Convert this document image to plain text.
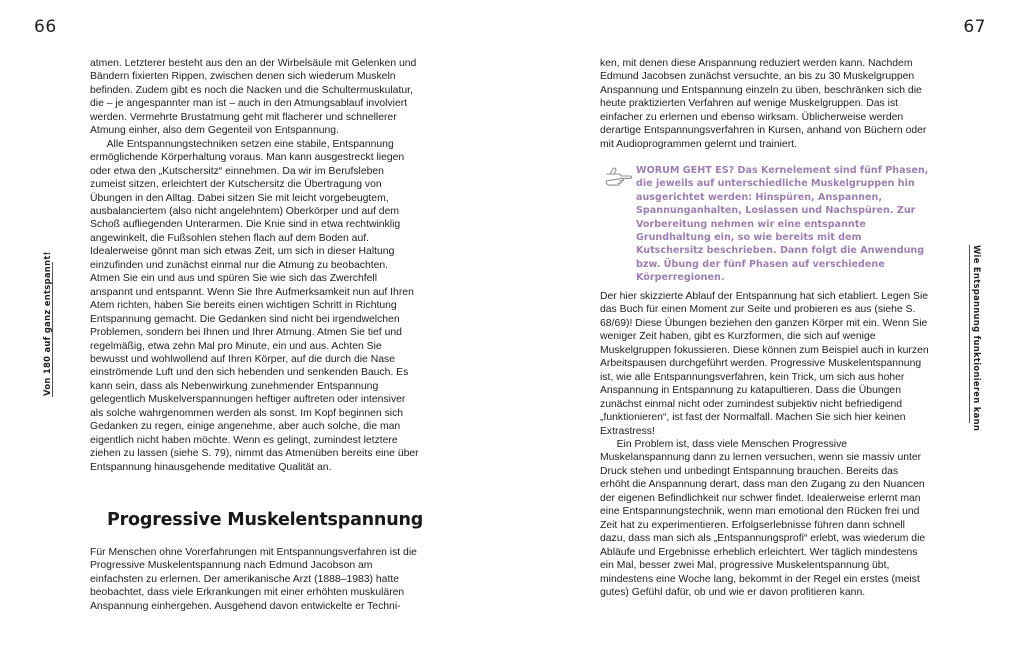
66	67
Von 180 auf ganz entspannt!	Wie Entspannung funktionieren kann

atmen. Letzterer besteht aus den an der Wirbelsäule mit Gelenken und Bändern fixierten Rippen, zwischen denen sich wiederum Muskeln befinden. Zudem gibt es noch die Nacken und die Schultermuskulatur, die – je angespannter man ist – auch in den Atmungsablauf involviert werden. Vermehrte Brustatmung geht mit flacherer und schnellerer Atmung einher, also dem Gegenteil von Entspannung.

Alle Entspannungstechniken setzen eine stabile, Entspannung ermöglichende Körperhaltung voraus. Man kann ausgestreckt liegen oder etwa den „Kutschersitz“ einnehmen. Da wir im Berufsleben zumeist sitzen, erleichtert der Kutschersitz die Übertragung von Übungen in den Alltag. Dabei sitzen Sie mit leicht vorgebeugtem, ausbalanciertem (also nicht angelehntem) Oberkörper und auf dem Schoß aufliegenden Unterarmen. Die Knie sind in etwa rechtwinklig angewinkelt, die Fußsohlen stehen flach auf dem Boden auf. Idealerweise gönnt man sich etwas Zeit, um sich in dieser Haltung einzufinden und zunächst einmal nur die Atmung zu beobachten. Atmen Sie ein und aus und spüren Sie wie sich das Zwerchfell anspannt und entspannt. Wenn Sie Ihre Aufmerksamkeit nun auf Ihren Atem richten, haben Sie bereits einen wichtigen Schritt in Richtung Entspannung gemacht. Die Gedanken sind nicht bei irgendwelchen Problemen, sondern bei Ihnen und Ihrer Atmung. Atmen Sie tief und regelmäßig, etwa zehn Mal pro Minute, ein und aus. Achten Sie bewusst und wohlwollend auf Ihren Körper, auf die durch die Nase einströmende Luft und den sich hebenden und senkenden Bauch. Es kann sein, dass als Nebenwirkung zunehmender Entspannung gelegentlich Muskelverspannungen heftiger auftreten oder intensiver als solche wahrgenommen werden als sonst. Im Kopf beginnen sich Gedanken zu regen, einige angenehme, aber auch solche, die man eigentlich nicht haben möchte. Wenn es gelingt, zumindest letztere ziehen zu lassen (siehe S. 79), nimmt das Atmenüben bereits eine über Entspannung hinausgehende meditative Qualität an.

Progressive Muskelentspannung

Für Menschen ohne Vorerfahrungen mit Entspannungsverfahren ist die Progressive Muskelentspannung nach Edmund Jacobson am einfachsten zu erlernen. Der amerikanische Arzt (1888–1983) hatte beobachtet, dass viele Erkrankungen mit einer erhöhten muskulären Anspannung einhergehen. Ausgehend davon entwickelte er Techni-

ken, mit denen diese Anspannung reduziert werden kann. Nachdem Edmund Jacobsen zunächst versuchte, an bis zu 30 Muskelgruppen Anspannung und Entspannung einzeln zu üben, beschränken sich die heute praktizierten Verfahren auf wenige Muskelgruppen. Das ist einfacher zu erlernen und ebenso wirksam. Üblicherweise werden derartige Entspannungsverfahren in Kursen, anhand von Büchern oder mit Audioprogrammen gelernt und trainiert.

WORUM GEHT ES? Das Kernelement sind fünf Phasen, die jeweils auf unterschiedliche Muskelgruppen hin ausgerichtet werden: Hinspüren, Anspannen, Spannunganhalten, Loslassen und Nachspüren. Zur Vorbereitung nehmen wir eine entspannte Grundhaltung ein, so wie bereits mit dem Kutschersitz beschrieben. Dann folgt die Anwendung bzw. Übung der fünf Phasen auf verschiedene Körperregionen.

Der hier skizzierte Ablauf der Entspannung hat sich etabliert. Legen Sie das Buch für einen Moment zur Seite und probieren es aus (siehe S. 68/69)! Diese Übungen beziehen den ganzen Körper mit ein. Wenn Sie weniger Zeit haben, gibt es Kurzformen, die sich auf wenige Muskelgruppen fokussieren. Diese können zum Beispiel auch in kurzen Arbeitspausen durchgeführt werden. Progressive Muskelentspannung ist, wie alle Entspannungsverfahren, kein Trick, um sich aus hoher Anspannung in Entspannung zu katapultieren. Dass die Übungen zunächst einmal nicht oder zumindest subjektiv nicht befriedigend „funktionieren“, ist fast der Normalfall. Machen Sie sich hier keinen Extrastress!

Ein Problem ist, dass viele Menschen Progressive Muskelanspannung dann zu lernen versuchen, wenn sie massiv unter Druck stehen und unbedingt Entspannung brauchen. Bereits das erhöht die Anspannung derart, dass man den Zugang zu den Nuancen der eigenen Befindlichkeit nur schwer findet. Idealerweise erlernt man eine Entspannungstechnik, wenn man emotional den Rücken frei und Zeit hat zu experimentieren. Erfolgserlebnisse führen dann schnell dazu, dass man sich als „Entspannungsprofi“ erlebt, was wiederum die Abläufe und Ergebnisse erheblich erleichtert. Wer täglich mindestens ein Mal, besser zwei Mal, progressive Muskelentspannung übt, mindestens eine Woche lang, bekommt in der Regel ein erstes (meist gutes) Gefühl dafür, ob und wie er davon profitieren kann.
